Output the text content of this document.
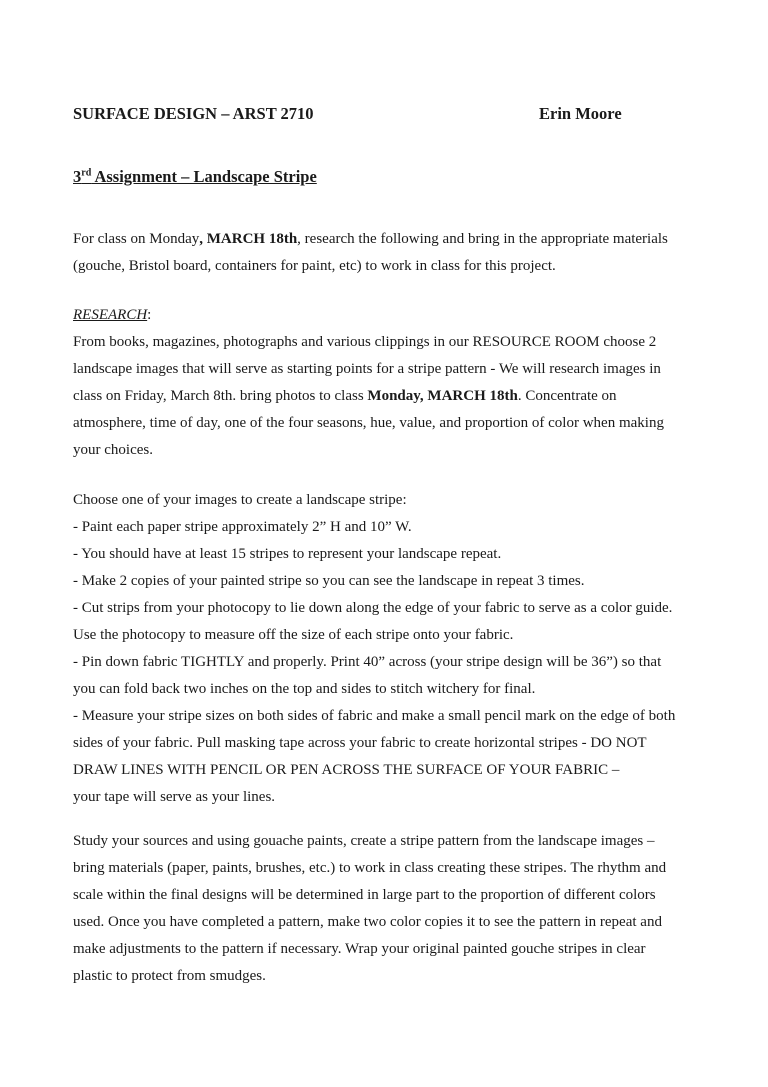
SURFACE DESIGN – ARST 2710	Erin Moore
3rd Assignment – Landscape Stripe
For class on Monday, MARCH 18th, research the following and bring in the appropriate materials
(gouche, Bristol board, containers for paint, etc) to work in class for this project.
RESEARCH:
From books, magazines, photographs and various clippings in our RESOURCE ROOM choose 2
landscape images that will serve as starting points for a stripe pattern - We will research images in
class on Friday, March 8th. bring photos to class Monday, MARCH 18th. Concentrate on
atmosphere, time of day, one of the four seasons, hue, value, and proportion of color when making
your choices.
Choose one of your images to create a landscape stripe:
- Paint each paper stripe approximately 2” H and 10” W.
- You should have at least 15 stripes to represent your landscape repeat.
- Make 2 copies of your painted stripe so you can see the landscape in repeat 3 times.
- Cut strips from your photocopy to lie down along the edge of your fabric to serve as a color guide.
Use the photocopy to measure off the size of each stripe onto your fabric.
- Pin down fabric TIGHTLY and properly. Print 40” across (your stripe design will be 36”) so that
you can fold back two inches on the top and sides to stitch witchery for final.
- Measure your stripe sizes on both sides of fabric and make a small pencil mark on the edge of both
sides of your fabric. Pull masking tape across your fabric to create horizontal stripes - DO NOT
DRAW LINES WITH PENCIL OR PEN ACROSS THE SURFACE OF YOUR FABRIC –
your tape will serve as your lines.
Study your sources and using gouache paints, create a stripe pattern from the landscape images –
bring materials (paper, paints, brushes, etc.) to work in class creating these stripes. The rhythm and
scale within the final designs will be determined in large part to the proportion of different colors
used. Once you have completed a pattern, make two color copies it to see the pattern in repeat and
make adjustments to the pattern if necessary. Wrap your original painted gouche stripes in clear
plastic to protect from smudges.
